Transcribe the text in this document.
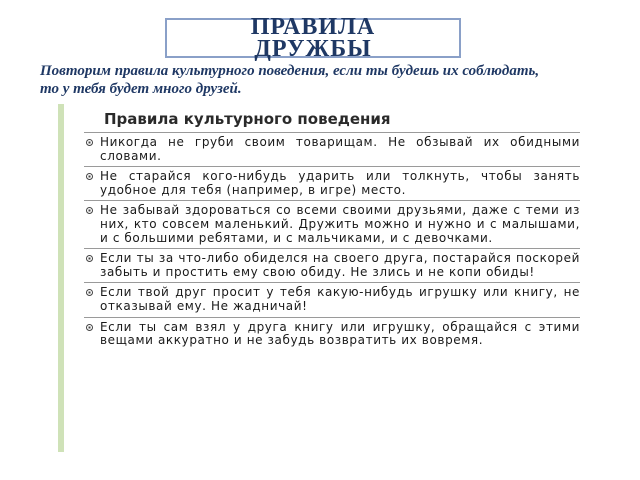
ПРАВИЛА ДРУЖБЫ

Повторим правила культурного поведения, если ты будешь их соблюдать, то у тебя будет много друзей.

Правила культурного поведения

Никогда не груби своим товарищам. Не обзывай их обидными словами.

Не старайся кого-нибудь ударить или толкнуть, чтобы занять удобное для тебя (например, в игре) место.

Не забывай здороваться со всеми своими друзьями, даже с теми из них, кто совсем маленький. Дружить можно и нужно и с малышами, и с большими ребятами, и с мальчиками, и с девочками.

Если ты за что-либо обиделся на своего друга, постарайся поскорей забыть и простить ему свою обиду. Не злись и не копи обиды!

Если твой друг просит у тебя какую-нибудь игрушку или книгу, не отказывай ему. Не жадничай!

Если ты сам взял у друга книгу или игрушку, обращайся с этими вещами аккуратно и не забудь возвратить их вовремя.
